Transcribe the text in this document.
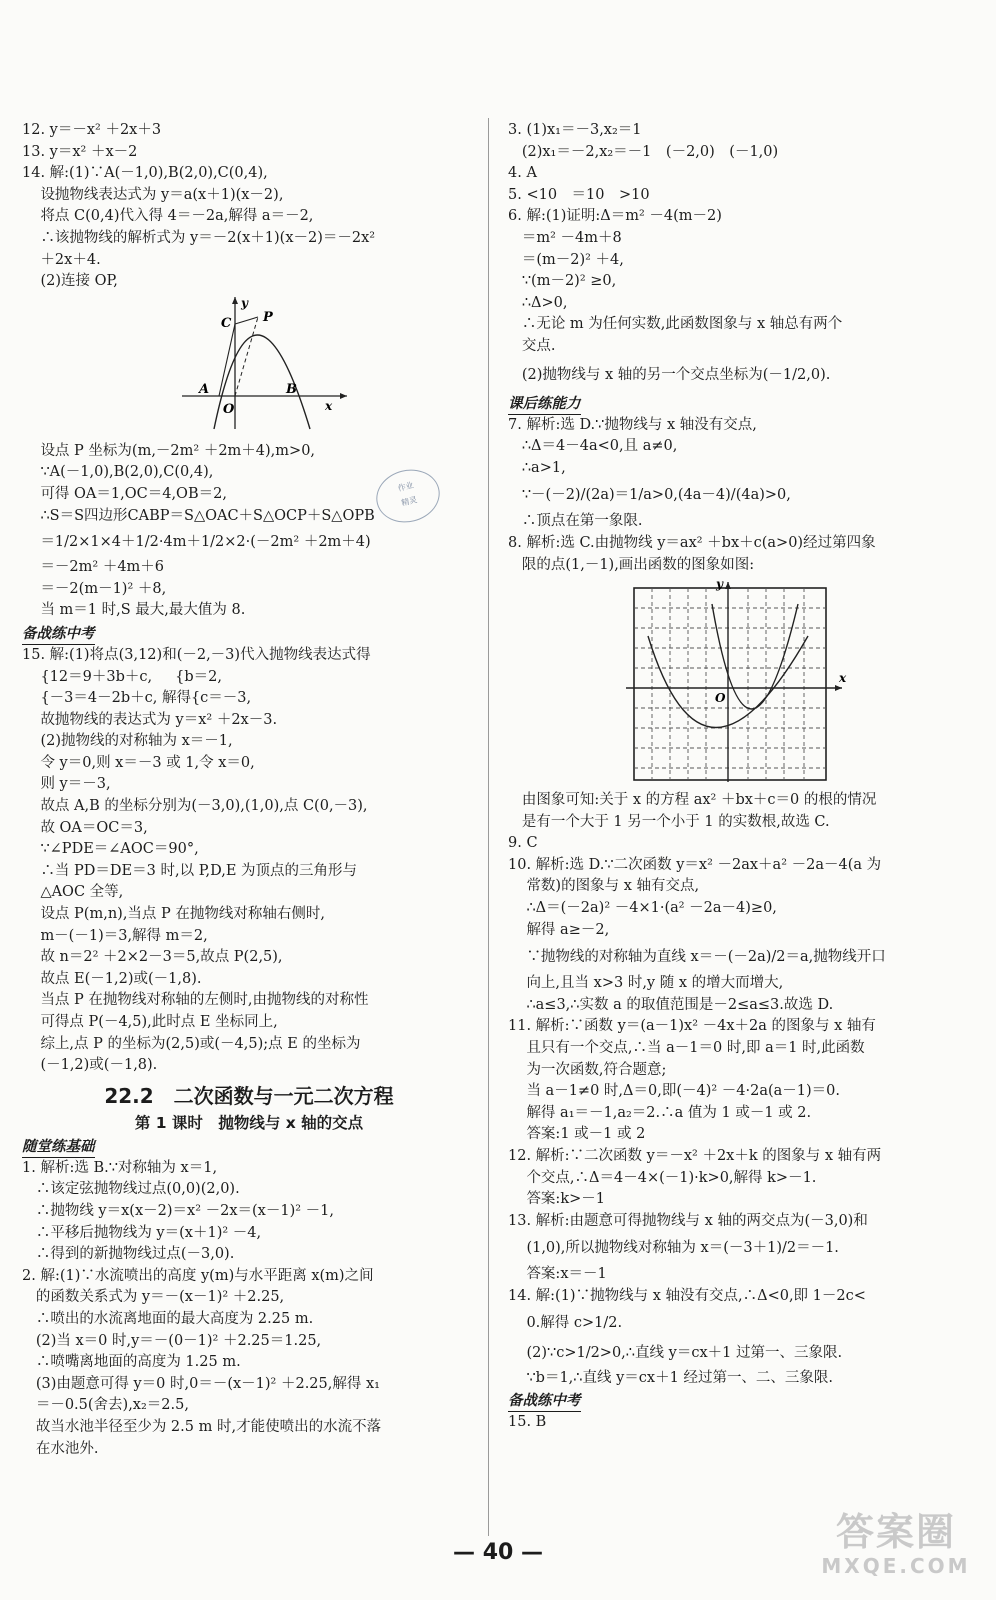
12. y＝－x² ＋2x＋3
13. y＝x² ＋x－2
14. 解:(1)∵A(－1,0),B(2,0),C(0,4),
设抛物线表达式为 y＝a(x＋1)(x－2),
将点 C(0,4)代入得 4＝－2a,解得 a＝－2,
∴该抛物线的解析式为 y＝－2(x＋1)(x－2)＝－2x²
＋2x＋4.
(2)连接 OP,
y
C P
A
O
B
x
设点 P 坐标为(m,－2m² ＋2m＋4),m>0,
∵A(－1,0),B(2,0),C(0,4),
可得 OA＝1,OC＝4,OB＝2,
∴S＝S四边形CABP＝S△OAC＋S△OCP＋S△OPB
＝1/2×1×4＋1/2·4m＋1/2×2·(－2m² ＋2m＋4)
＝－2m² ＋4m＋6
＝－2(m－1)² ＋8,
当 m＝1 时,S 最大,最大值为 8.
备战练中考
15. 解:(1)将点(3,12)和(－2,－3)代入抛物线表达式得
{12＝9＋3b＋c,     {b＝2,
{－3＝4－2b＋c, 解得{c＝－3,
故抛物线的表达式为 y＝x² ＋2x－3.
(2)抛物线的对称轴为 x＝－1,
令 y＝0,则 x＝－3 或 1,令 x＝0,
则 y＝－3,
故点 A,B 的坐标分别为(－3,0),(1,0),点 C(0,－3),
故 OA＝OC＝3,
∵∠PDE＝∠AOC＝90°,
∴当 PD＝DE＝3 时,以 P,D,E 为顶点的三角形与
△AOC 全等,
设点 P(m,n),当点 P 在抛物线对称轴右侧时,
m－(－1)＝3,解得 m＝2,
故 n＝2² ＋2×2－3＝5,故点 P(2,5),
故点 E(－1,2)或(－1,8).
当点 P 在抛物线对称轴的左侧时,由抛物线的对称性
可得点 P(－4,5),此时点 E 坐标同上,
综上,点 P 的坐标为(2,5)或(－4,5);点 E 的坐标为
(－1,2)或(－1,8).
22.2　二次函数与一元二次方程
第 1 课时　抛物线与 x 轴的交点
随堂练基础
1. 解析:选 B.∵对称轴为 x＝1,
∴该定弦抛物线过点(0,0)(2,0).
∴抛物线 y＝x(x－2)＝x² －2x＝(x－1)² －1,
∴平移后抛物线为 y＝(x＋1)² －4,
∴得到的新抛物线过点(－3,0).
2. 解:(1)∵水流喷出的高度 y(m)与水平距离 x(m)之间
的函数关系式为 y＝－(x－1)² ＋2.25,
∴喷出的水流离地面的最大高度为 2.25 m.
(2)当 x＝0 时,y＝－(0－1)² ＋2.25＝1.25,
∴喷嘴离地面的高度为 1.25 m.
(3)由题意可得 y＝0 时,0＝－(x－1)² ＋2.25,解得 x₁
＝－0.5(舍去),x₂＝2.5,
故当水池半径至少为 2.5 m 时,才能使喷出的水流不落
在水池外.
3. (1)x₁＝－3,x₂＝1
(2)x₁＝－2,x₂＝－1　(－2,0)　(－1,0)
4. A
5. <10　＝10　>10
6. 解:(1)证明:Δ＝m² －4(m－2)
＝m² －4m＋8
＝(m－2)² ＋4,
∵(m－2)² ≥0,
∴Δ>0,
∴无论 m 为任何实数,此函数图象与 x 轴总有两个
交点.
(2)抛物线与 x 轴的另一个交点坐标为(－1/2,0).
课后练能力
7. 解析:选 D.∵抛物线与 x 轴没有交点,
∴Δ＝4－4a<0,且 a≠0,
∴a>1,
∵－(－2)/(2a)＝1/a>0,(4a－4)/(4a)>0,
∴顶点在第一象限.
8. 解析:选 C.由抛物线 y＝ax² ＋bx＋c(a>0)经过第四象
限的点(1,－1),画出函数的图象如图:
y
O
x
由图象可知:关于 x 的方程 ax² ＋bx＋c＝0 的根的情况
是有一个大于 1 另一个小于 1 的实数根,故选 C.
9. C
10. 解析:选 D.∵二次函数 y＝x² －2ax＋a² －2a－4(a 为
常数)的图象与 x 轴有交点,
∴Δ＝(－2a)² －4×1·(a² －2a－4)≥0,
解得 a≥－2,
∵抛物线的对称轴为直线 x＝－(－2a)/2＝a,抛物线开口
向上,且当 x>3 时,y 随 x 的增大而增大,
∴a≤3,∴实数 a 的取值范围是－2≤a≤3.故选 D.
11. 解析:∵函数 y＝(a－1)x² －4x＋2a 的图象与 x 轴有
且只有一个交点,∴当 a－1＝0 时,即 a＝1 时,此函数
为一次函数,符合题意;
当 a－1≠0 时,Δ＝0,即(－4)² －4·2a(a－1)＝0.
解得 a₁＝－1,a₂＝2.∴a 值为 1 或－1 或 2.
答案:1 或－1 或 2
12. 解析:∵二次函数 y＝－x² ＋2x＋k 的图象与 x 轴有两
个交点,∴Δ＝4－4×(－1)·k>0,解得 k>－1.
答案:k>－1
13. 解析:由题意可得抛物线与 x 轴的两交点为(－3,0)和
(1,0),所以抛物线对称轴为 x＝(－3＋1)/2＝－1.
答案:x＝－1
14. 解:(1)∵抛物线与 x 轴没有交点,∴Δ<0,即 1－2c<
0.解得 c>1/2.
(2)∵c>1/2>0,∴直线 y＝cx＋1 过第一、三象限.
∵b＝1,∴直线 y＝cx＋1 经过第一、二、三象限.
备战练中考
15. B
作业
精灵
— 40 —	答案圈
MXQE.COM
